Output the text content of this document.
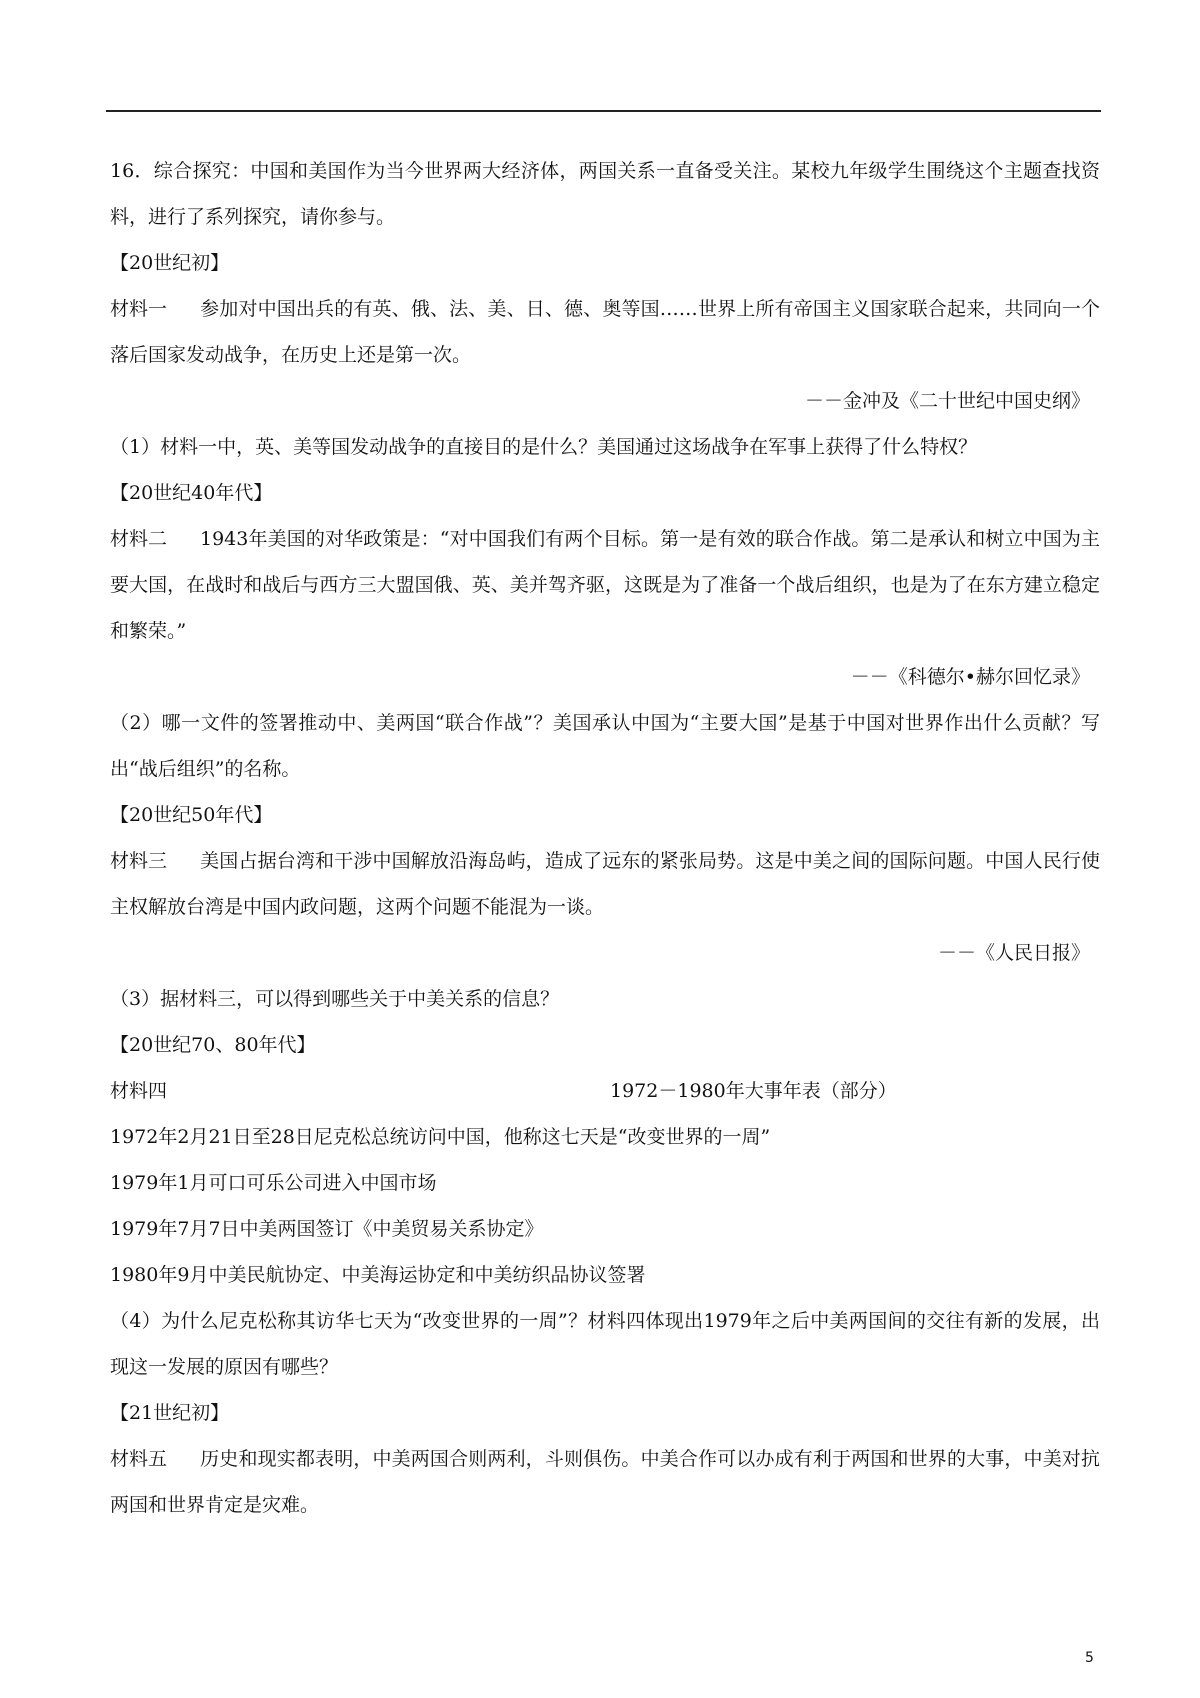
16．综合探究：中国和美国作为当今世界两大经济体，两国关系一直备受关注。某校九年级学生围绕这个主题查找资料，进行了系列探究，请你参与。

【20世纪初】

材料一 参加对中国出兵的有英、俄、法、美、日、德、奥等国……世界上所有帝国主义国家联合起来，共同向一个落后国家发动战争，在历史上还是第一次。

－－金冲及《二十世纪中国史纲》

（1）材料一中，英、美等国发动战争的直接目的是什么？美国通过这场战争在军事上获得了什么特权？

【20世纪40年代】

材料二 1943年美国的对华政策是：“对中国我们有两个目标。第一是有效的联合作战。第二是承认和树立中国为主要大国，在战时和战后与西方三大盟国俄、英、美并驾齐驱，这既是为了准备一个战后组织，也是为了在东方建立稳定和繁荣。”

－－《科德尔•赫尔回忆录》

（2）哪一文件的签署推动中、美两国“联合作战”？美国承认中国为“主要大国”是基于中国对世界作出什么贡献？写出“战后组织”的名称。

【20世纪50年代】

材料三 美国占据台湾和干涉中国解放沿海岛屿，造成了远东的紧张局势。这是中美之间的国际问题。中国人民行使主权解放台湾是中国内政问题，这两个问题不能混为一谈。

－－《人民日报》

（3）据材料三，可以得到哪些关于中美关系的信息？

【20世纪70、80年代】

材料四	1972－1980年大事年表（部分）

1972年2月21日至28日尼克松总统访问中国，他称这七天是“改变世界的一周”

1979年1月可口可乐公司进入中国市场

1979年7月7日中美两国签订《中美贸易关系协定》

1980年9月中美民航协定、中美海运协定和中美纺织品协议签署

（4）为什么尼克松称其访华七天为“改变世界的一周”？材料四体现出1979年之后中美两国间的交往有新的发展，出现这一发展的原因有哪些？

【21世纪初】

材料五 历史和现实都表明，中美两国合则两利，斗则俱伤。中美合作可以办成有利于两国和世界的大事，中美对抗两国和世界肯定是灾难。

5
